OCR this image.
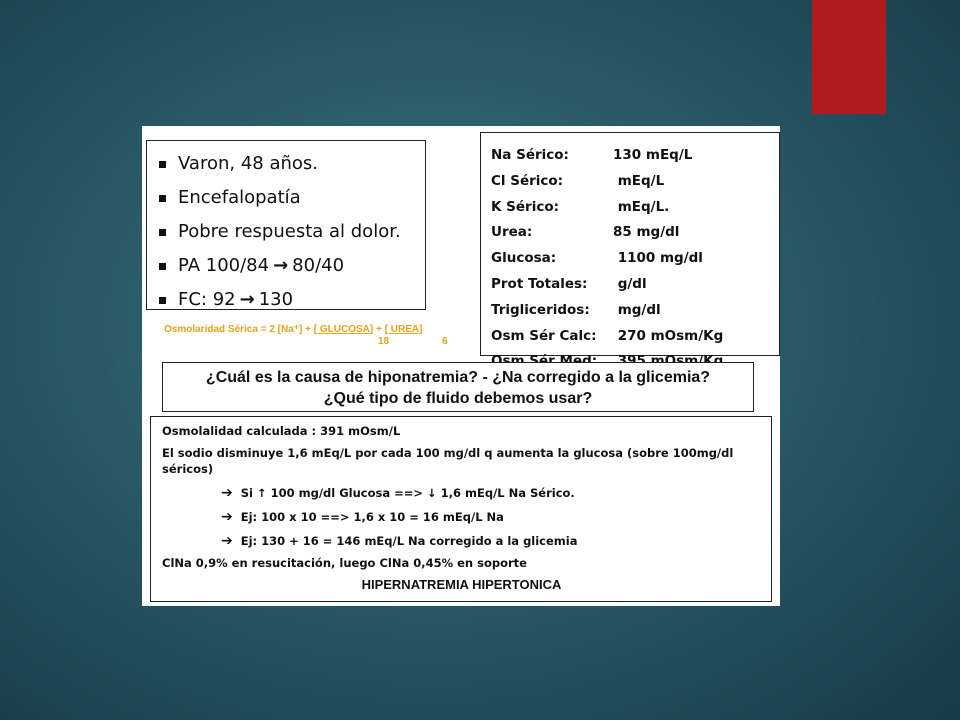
Varon, 48 años.
Encefalopatía
Pobre respuesta al dolor.
PA 100/84 → 80/40
FC: 92 → 130
Na Sérico:	130 mEq/L
Cl Sérico:	mEq/L
K Sérico:	mEq/L.
Urea:	85 mg/dl
Glucosa:	1100 mg/dl
Prot Totales: g/dl
Trigliceridos: mg/dl
Osm Sér Calc: 270 mOsm/Kg
Osmolaridad Sérica = 2 [Na⁺] + [ GLUCOSA] + [ UREA]
18	6
¿Cuál es la causa de hiponatremia? - ¿Na corregido a la glicemia?
¿Qué tipo de fluido debemos usar?
Osmolalidad calculada : 391 mOsm/L
El sodio disminuye 1,6 mEq/L por cada 100 mg/dl q aumenta la glucosa (sobre 100mg/dl séricos)
➔ Si ↑ 100 mg/dl Glucosa ==> ↓ 1,6 mEq/L Na Sérico.
➔ Ej: 100 x 10 ==> 1,6 x 10 = 16 mEq/L Na
➔ Ej: 130 + 16 = 146 mEq/L Na corregido a la glicemia
ClNa 0,9% en resucitación, luego ClNa 0,45% en soporte
HIPERNATREMIA HIPERTONICA
